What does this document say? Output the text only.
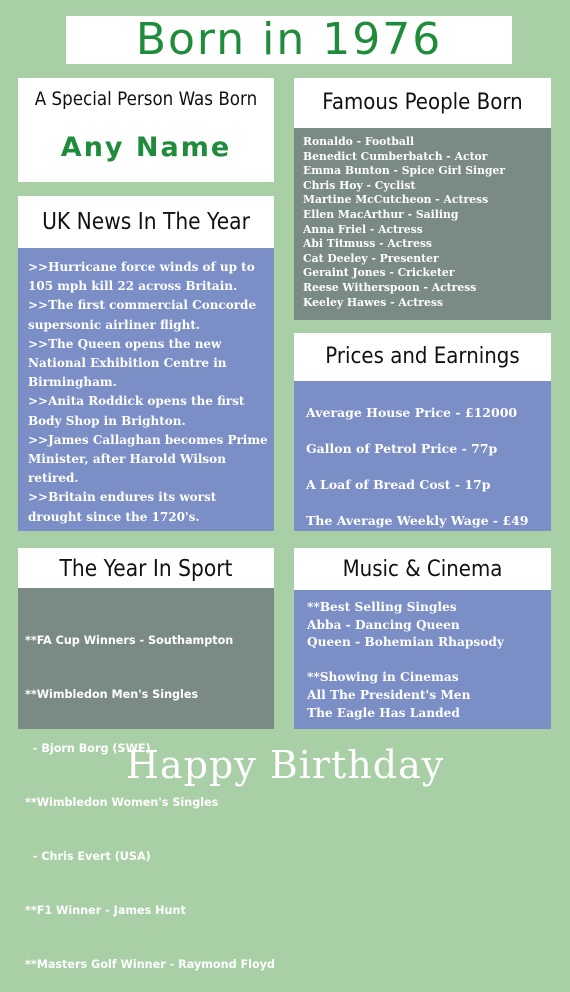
Born in 1976
A Special Person Was Born
Any Name
Famous People Born
Ronaldo - Football
Benedict Cumberbatch - Actor
Emma Bunton - Spice Girl Singer
Chris Hoy - Cyclist
Martine McCutcheon - Actress
Ellen MacArthur - Sailing
Anna Friel - Actress
Abi Titmuss - Actress
Cat Deeley - Presenter
Geraint Jones - Cricketer
Reese Witherspoon - Actress
Keeley Hawes - Actress
UK News In The Year
>>Hurricane force winds of up to
105 mph kill 22 across Britain.
>>The first commercial Concorde
supersonic airliner flight.
>>The Queen opens the new
National Exhibition Centre in
Birmingham.
>>Anita Roddick opens the first
Body Shop in Brighton.
>>James Callaghan becomes Prime
Minister, after Harold Wilson
retired.
>>Britain endures its worst
drought since the 1720's.
Prices and Earnings
Average House Price - £12000
Gallon of Petrol Price - 77p
A Loaf of Bread Cost - 17p
The Average Weekly Wage - £49
The Year In Sport

**FA Cup Winners - Southampton

**Wimbledon Men's Singles

- Bjorn Borg (SWE)

**Wimbledon Women's Singles

- Chris Evert (USA)

**F1 Winner - James Hunt

**Masters Golf Winner - Raymond Floyd

Music & Cinema
**Best Selling Singles
Abba - Dancing Queen
Queen - Bohemian Rhapsody
**Showing in Cinemas
All The President's Men
The Eagle Has Landed
Happy Birthday
